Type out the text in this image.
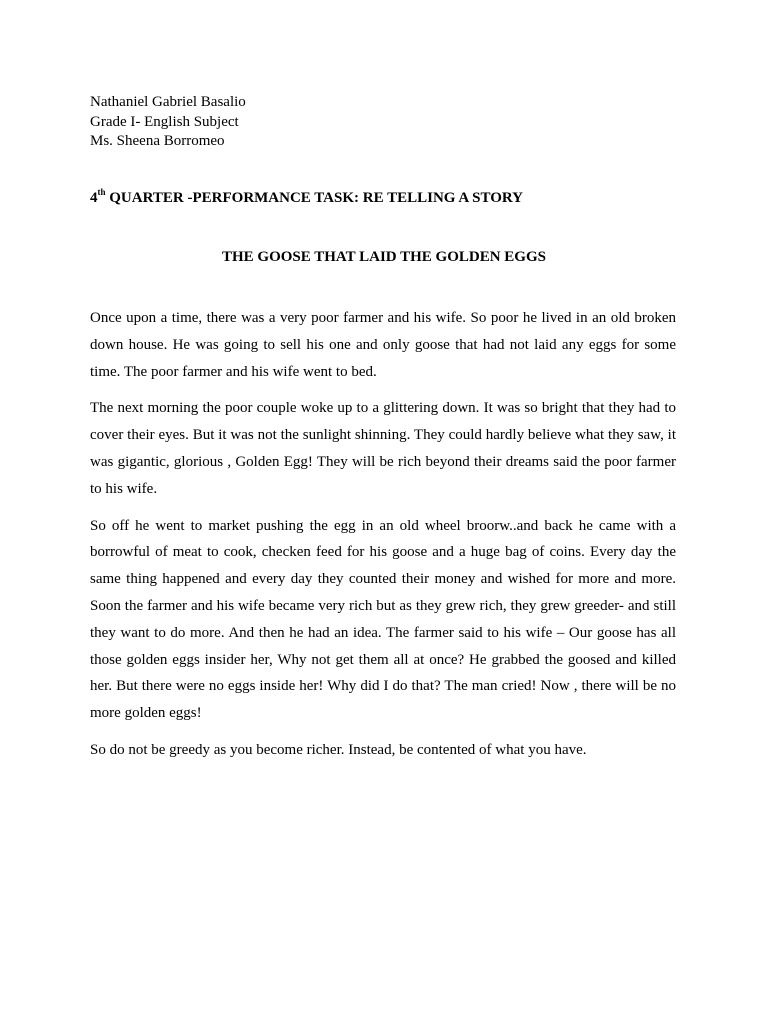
Nathaniel Gabriel Basalio
Grade I- English Subject
Ms. Sheena Borromeo
4th QUARTER -PERFORMANCE TASK: RE TELLING A STORY
THE GOOSE THAT LAID THE GOLDEN EGGS

Once upon a time, there was a very poor farmer and his wife. So poor he lived in an old broken down house. He was going to sell his one and only goose that had not laid any eggs for some time. The poor farmer and his wife went to bed.

The next morning the poor couple woke up to a glittering down. It was so bright that they had to cover their eyes. But it was not the sunlight shinning. They could hardly believe what they saw, it was gigantic, glorious , Golden Egg! They will be rich beyond their dreams said the poor farmer to his wife.

So off he went to market pushing the egg in an old wheel broorw..and back he came with a borrowful of meat to cook, checken feed for his goose and a huge bag of coins. Every day the same thing happened and every day they counted their money and wished for more and more. Soon the farmer and his wife became very rich but as they grew rich, they grew greeder- and still they want to do more. And then he had an idea. The farmer said to his wife – Our goose has all those golden eggs insider her, Why not get them all at once? He grabbed the goosed and killed her. But there were no eggs inside her! Why did I do that? The man cried! Now , there will be no more golden eggs!

So do not be greedy as you become richer. Instead, be contented of what you have.
